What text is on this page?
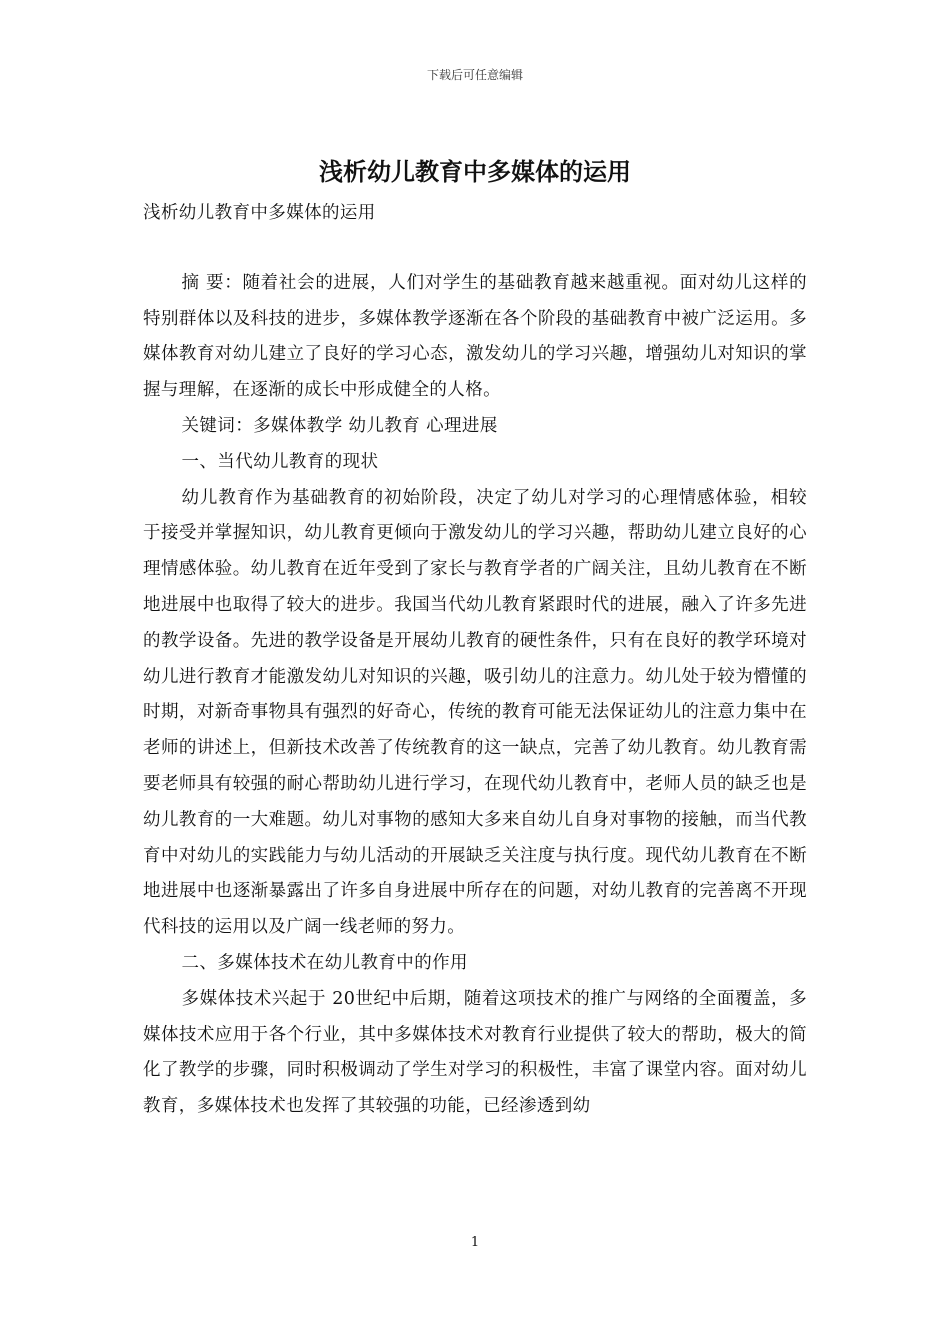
下载后可任意编辑
浅析幼儿教育中多媒体的运用

浅析幼儿教育中多媒体的运用

摘 要：随着社会的进展，人们对学生的基础教育越来越重视。面对幼儿这样的特别群体以及科技的进步，多媒体教学逐渐在各个阶段的基础教育中被广泛运用。多媒体教育对幼儿建立了良好的学习心态，激发幼儿的学习兴趣，增强幼儿对知识的掌握与理解，在逐渐的成长中形成健全的人格。

关键词：多媒体教学 幼儿教育 心理进展

一、当代幼儿教育的现状

幼儿教育作为基础教育的初始阶段，决定了幼儿对学习的心理情感体验，相较于接受并掌握知识，幼儿教育更倾向于激发幼儿的学习兴趣，帮助幼儿建立良好的心理情感体验。幼儿教育在近年受到了家长与教育学者的广阔关注，且幼儿教育在不断地进展中也取得了较大的进步。我国当代幼儿教育紧跟时代的进展，融入了许多先进的教学设备。先进的教学设备是开展幼儿教育的硬性条件，只有在良好的教学环境对幼儿进行教育才能激发幼儿对知识的兴趣，吸引幼儿的注意力。幼儿处于较为懵懂的时期，对新奇事物具有强烈的好奇心，传统的教育可能无法保证幼儿的注意力集中在老师的讲述上，但新技术改善了传统教育的这一缺点，完善了幼儿教育。幼儿教育需要老师具有较强的耐心帮助幼儿进行学习，在现代幼儿教育中，老师人员的缺乏也是幼儿教育的一大难题。幼儿对事物的感知大多来自幼儿自身对事物的接触，而当代教育中对幼儿的实践能力与幼儿活动的开展缺乏关注度与执行度。现代幼儿教育在不断地进展中也逐渐暴露出了许多自身进展中所存在的问题，对幼儿教育的完善离不开现代科技的运用以及广阔一线老师的努力。

二、多媒体技术在幼儿教育中的作用

多媒体技术兴起于 20世纪中后期，随着这项技术的推广与网络的全面覆盖，多媒体技术应用于各个行业，其中多媒体技术对教育行业提供了较大的帮助，极大的简化了教学的步骤，同时积极调动了学生对学习的积极性，丰富了课堂内容。面对幼儿教育，多媒体技术也发挥了其较强的功能，已经渗透到幼

1
